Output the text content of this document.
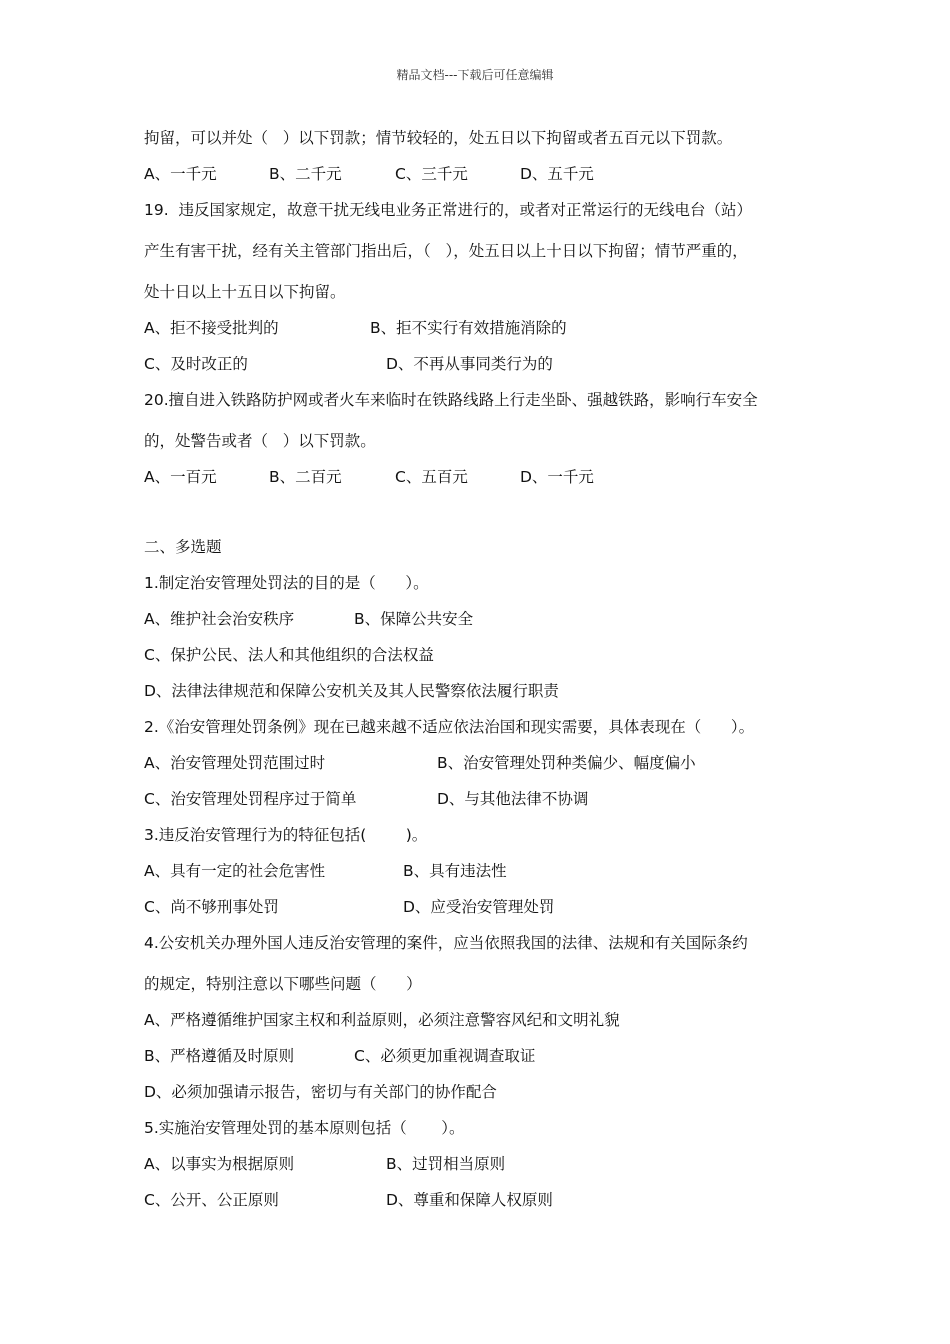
精品文档---下载后可任意编辑
拘留，可以并处（   ）以下罚款；情节较轻的，处五日以下拘留或者五百元以下罚款。
A、一千元	B、二千元	C、三千元	D、五千元
19.  违反国家规定，故意干扰无线电业务正常进行的，或者对正常运行的无线电台（站）
产生有害干扰，经有关主管部门指出后，（   ），处五日以上十日以下拘留；情节严重的，
处十日以上十五日以下拘留。
A、拒不接受批判的	B、拒不实行有效措施消除的
C、及时改正的	D、不再从事同类行为的
20.擅自进入铁路防护网或者火车来临时在铁路线路上行走坐卧、强越铁路，影响行车安全
的，处警告或者（   ）以下罚款。
A、一百元	B、二百元	C、五百元	D、一千元
二、多选题
1.制定治安管理处罚法的目的是（      ）。
A、维护社会治安秩序	B、保障公共安全
C、保护公民、法人和其他组织的合法权益
D、法律法律规范和保障公安机关及其人民警察依法履行职责
2.《治安管理处罚条例》现在已越来越不适应依法治国和现实需要，具体表现在（      ）。
A、治安管理处罚范围过时	B、治安管理处罚种类偏少、幅度偏小
C、治安管理处罚程序过于简单	D、与其他法律不协调
3.违反治安管理行为的特征包括(        )。
A、具有一定的社会危害性	B、具有违法性
C、尚不够刑事处罚	D、应受治安管理处罚
4.公安机关办理外国人违反治安管理的案件，应当依照我国的法律、法规和有关国际条约
的规定，特别注意以下哪些问题（      ）
A、严格遵循维护国家主权和利益原则，必须注意警容风纪和文明礼貌
B、严格遵循及时原则	C、必须更加重视调查取证
D、必须加强请示报告，密切与有关部门的协作配合
5.实施治安管理处罚的基本原则包括（       ）。
A、以事实为根据原则	B、过罚相当原则
C、公开、公正原则	D、尊重和保障人权原则
